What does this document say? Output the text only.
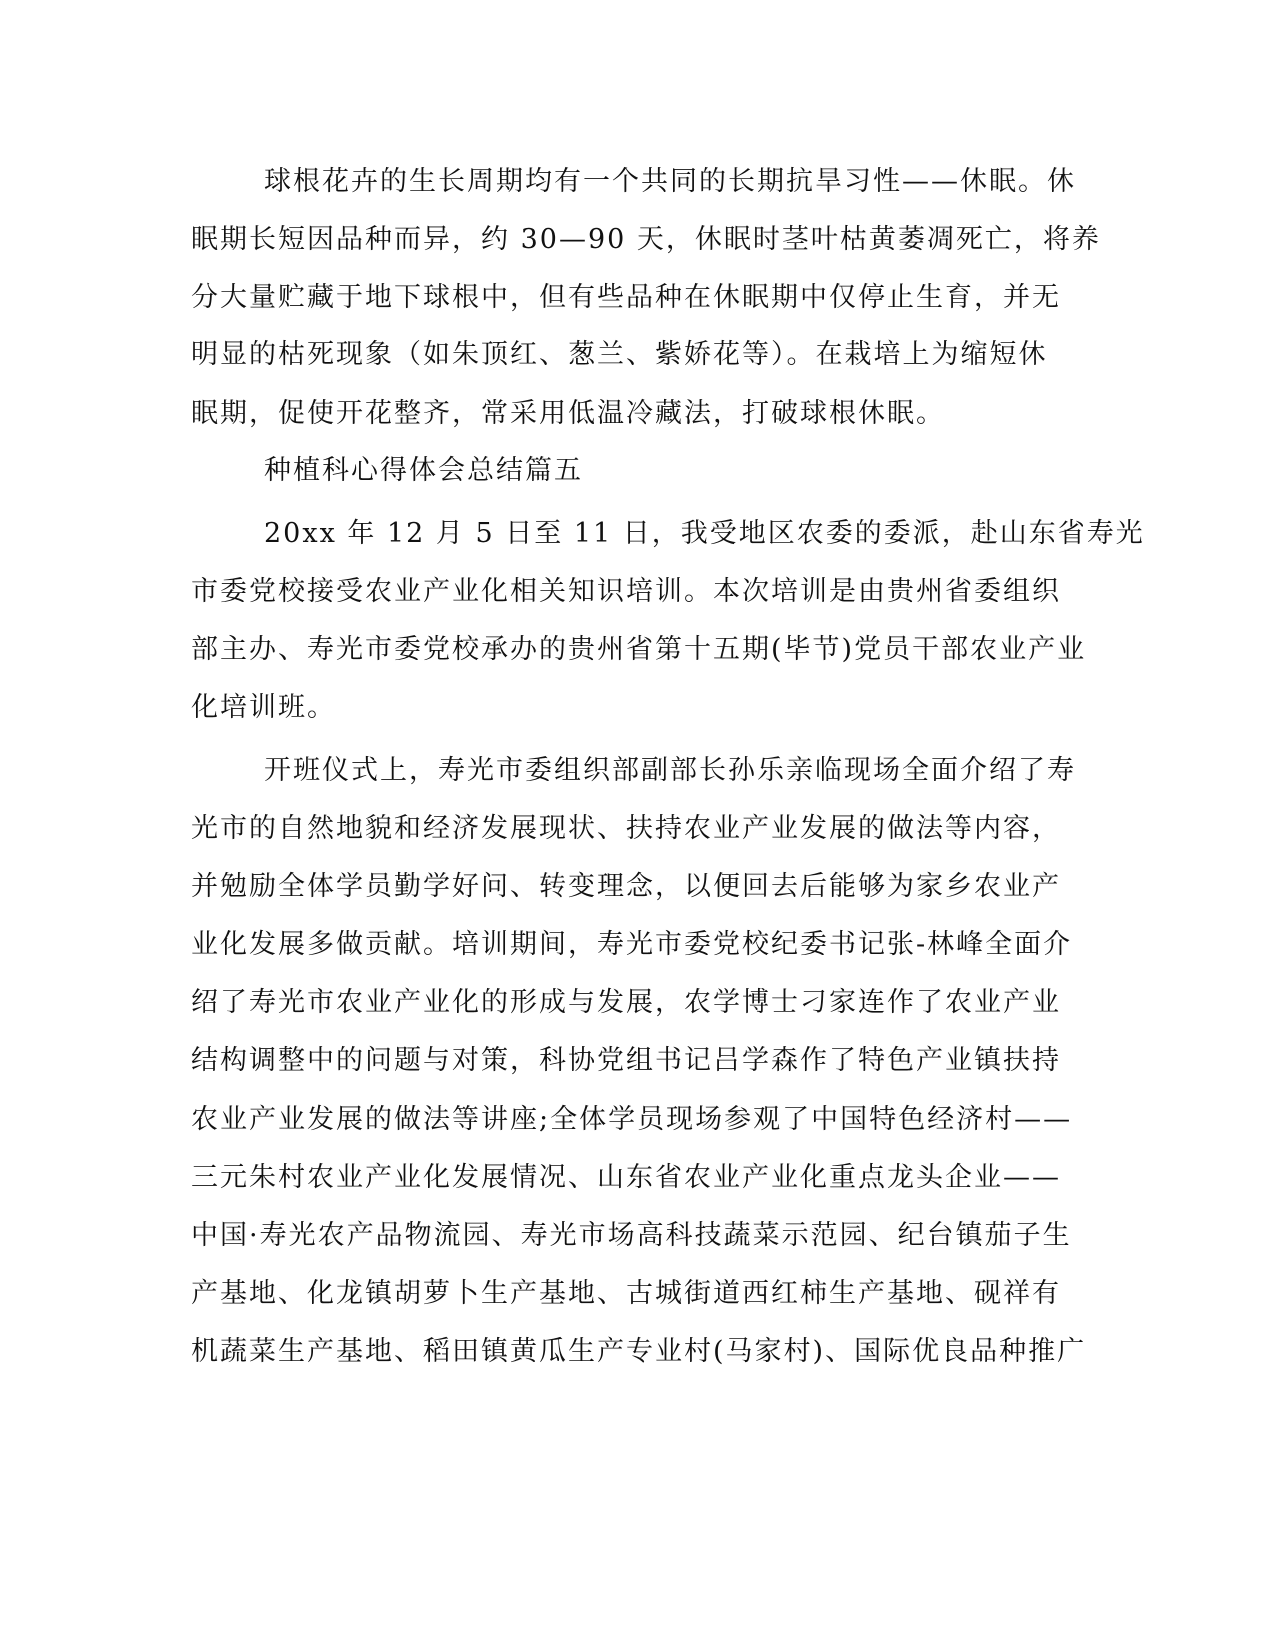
球根花卉的生长周期均有一个共同的长期抗旱习性——休眠。休

眠期长短因品种而异，约 30—90 天，休眠时茎叶枯黄萎凋死亡，将养

分大量贮藏于地下球根中，但有些品种在休眠期中仅停止生育，并无

明显的枯死现象（如朱顶红、葱兰、紫娇花等）。在栽培上为缩短休

眠期，促使开花整齐，常采用低温冷藏法，打破球根休眠。

种植科心得体会总结篇五

20xx 年 12 月 5 日至 11 日，我受地区农委的委派，赴山东省寿光

市委党校接受农业产业化相关知识培训。本次培训是由贵州省委组织

部主办、寿光市委党校承办的贵州省第十五期(毕节)党员干部农业产业

化培训班。

开班仪式上，寿光市委组织部副部长孙乐亲临现场全面介绍了寿

光市的自然地貌和经济发展现状、扶持农业产业发展的做法等内容，

并勉励全体学员勤学好问、转变理念，以便回去后能够为家乡农业产

业化发展多做贡献。培训期间，寿光市委党校纪委书记张-林峰全面介

绍了寿光市农业产业化的形成与发展，农学博士刁家连作了农业产业

结构调整中的问题与对策，科协党组书记吕学森作了特色产业镇扶持

农业产业发展的做法等讲座;全体学员现场参观了中国特色经济村——

三元朱村农业产业化发展情况、山东省农业产业化重点龙头企业——

中国·寿光农产品物流园、寿光市场高科技蔬菜示范园、纪台镇茄子生

产基地、化龙镇胡萝卜生产基地、古城街道西红柿生产基地、砚祥有

机蔬菜生产基地、稻田镇黄瓜生产专业村(马家村)、国际优良品种推广
